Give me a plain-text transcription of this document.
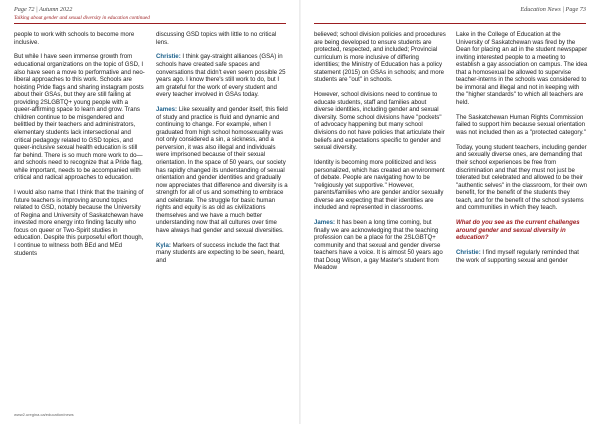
Page 72 | Autumn 2022	Education News | Page 73
Talking about gender and sexual diversity in education continued

people to work with schools to become more inclusive.

But while I have seen immense growth from educational organizations on the topic of GSD, I also have seen a move to performative and neo-liberal approaches to this work. Schools are hoisting Pride flags and sharing instagram posts about their GSAs, but they are still failing at providing 2SLGBTQ+ young people with a queer-affirming space to learn and grow. Trans children continue to be misgendered and belittled by their teachers and administrators, elementary students lack intersectional and critical pedagogy related to GSD topics, and queer-inclusive sexual health education is still far behind. There is so much more work to do—and schools need to recognize that a Pride flag, while important, needs to be accompanied with critical and radical approaches to education.

I would also name that I think that the training of future teachers is improving around topics related to GSD, notably because the University of Regina and University of Saskatchewan have invested more energy into finding faculty who focus on queer or Two-Spirit studies in education. Despite this purposeful effort though, I continue to witness both BEd and MEd students

discussing GSD topics with little to no critical lens.

Christie: I think gay-straight alliances (GSA) in schools have created safe spaces and conversations that didn't even seem possible 25 years ago. I know there's still work to do, but I am grateful for the work of every student and every teacher involved in GSAs today.

James: Like sexuality and gender itself, this field of study and practice is fluid and dynamic and continuing to change. For example, when I graduated from high school homosexuality was not only considered a sin, a sickness, and a perversion, it was also illegal and individuals were imprisoned because of their sexual orientation. In the space of 50 years, our society has rapidly changed its understanding of sexual orientation and gender identities and gradually now appreciates that difference and diversity is a strength for all of us and something to embrace and celebrate. The struggle for basic human rights and equity is as old as civilizations themselves and we have a much better understanding now that all cultures over time have always had gender and sexual diversities.

Kyla: Markers of success include the fact that many students are expecting to be seen, heard, and

believed; school division policies and procedures are being developed to ensure students are protected, respected, and included; Provincial curriculum is more inclusive of differing identities; the Ministry of Education has a policy statement (2015) on GSAs in schools; and more students are "out" in schools.

However, school divisions need to continue to educate students, staff and families about diverse identities, including gender and sexual diversity. Some school divisions have "pockets" of advocacy happening but many school divisions do not have policies that articulate their beliefs and expectations specific to gender and sexual diversity.

Identity is becoming more politicized and less personalized, which has created an environment of debate. People are navigating how to be "religiously yet supportive." However, parents/families who are gender and/or sexually diverse are expecting that their identities are included and represented in classrooms.

James: It has been a long time coming, but finally we are acknowledging that the teaching profession can be a place for the 2SLGBTQ+ community and that sexual and gender diverse teachers have a voice. It is almost 50 years ago that Doug Wilson, a gay Master's student from Meadow

Lake in the College of Education at the University of Saskatchewan was fired by the Dean for placing an ad in the student newspaper inviting interested people to a meeting to establish a gay association on campus. The idea that a homosexual be allowed to supervise teacher-interns in the schools was considered to be immoral and illegal and not in keeping with the "higher standards" to which all teachers are held.

The Saskatchewan Human Rights Commission failed to support him because sexual orientation was not included then as a "protected category."

Today, young student teachers, including gender and sexually diverse ones, are demanding that their school experiences be free from discrimination and that they must not just be tolerated but celebrated and allowed to be their "authentic selves" in the classroom, for their own benefit, for the benefit of the students they teach, and for the benefit of the school systems and communities in which they teach.

What do you see as the current challenges around gender and sexual diversity in education?

Christie: I find myself regularly reminded that the work of supporting sexual and gender

www2.uregina.ca/education/news
